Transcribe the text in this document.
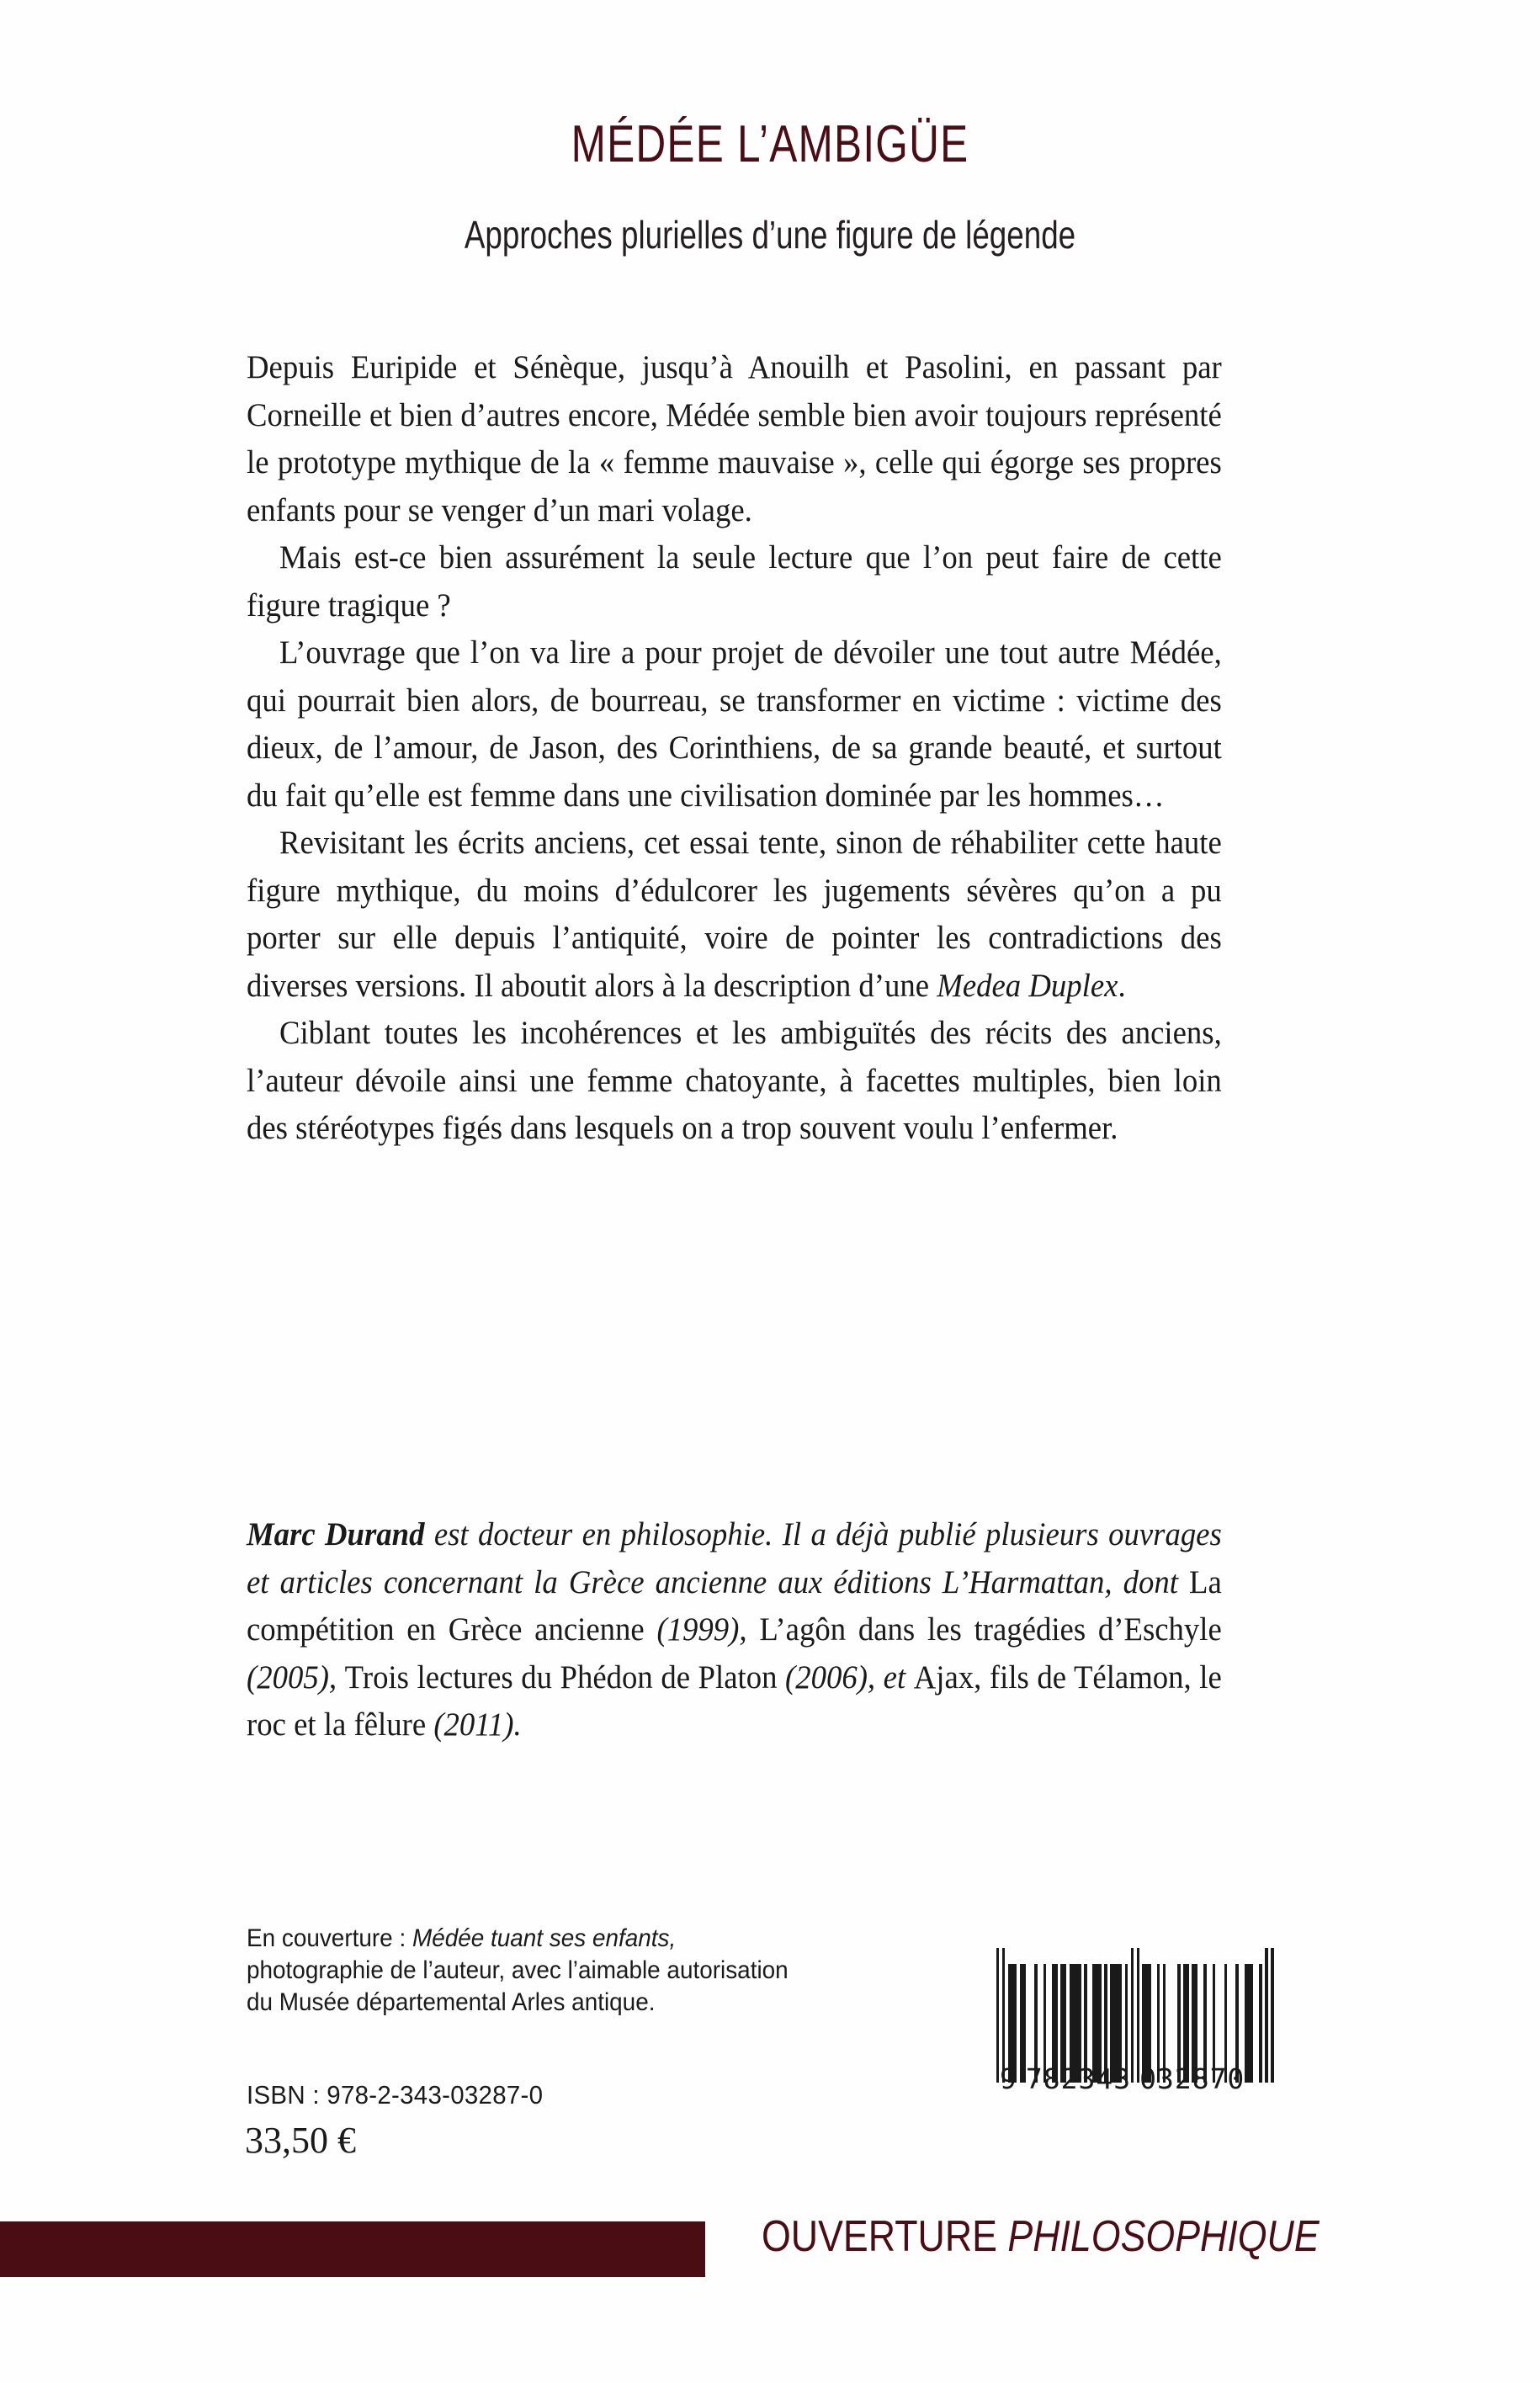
MÉDÉE L’AMBIGÜE
Approches plurielles d’une figure de légende

Depuis Euripide et Sénèque, jusqu’à Anouilh et Pasolini, en passant par Corneille et bien d’autres encore, Médée semble bien avoir toujours représenté le prototype mythique de la « femme mauvaise », celle qui égorge ses propres enfants pour se venger d’un mari volage.

Mais est-ce bien assurément la seule lecture que l’on peut faire de cette figure tragique ?

L’ouvrage que l’on va lire a pour projet de dévoiler une tout autre Médée, qui pourrait bien alors, de bourreau, se transformer en victime : victime des dieux, de l’amour, de Jason, des Corinthiens, de sa grande beauté, et surtout du fait qu’elle est femme dans une civilisation dominée par les hommes…

Revisitant les écrits anciens, cet essai tente, sinon de réhabiliter cette haute figure mythique, du moins d’édulcorer les jugements sévères qu’on a pu porter sur elle depuis l’antiquité, voire de pointer les contradictions des diverses versions. Il aboutit alors à la description d’une Medea Duplex.

Ciblant toutes les incohérences et les ambiguïtés des récits des anciens, l’auteur dévoile ainsi une femme chatoyante, à facettes multiples, bien loin des stéréotypes figés dans lesquels on a trop souvent voulu l’enfermer.

Marc Durand est docteur en philosophie. Il a déjà publié plusieurs ouvrages et articles concernant la Grèce ancienne aux éditions L’Harmattan, dont La compétition en Grèce ancienne (1999), L’agôn dans les tragédies d’Eschyle (2005), Trois lectures du Phédon de Platon (2006), et Ajax, fils de Télamon, le roc et la fêlure (2011).

En couverture : Médée tuant ses enfants,
photographie de l’auteur, avec l’aimable autorisation
du Musée départemental Arles antique.
ISBN : 978-2-343-03287-0
33,50 €
9 782343 032870
OUVERTURE PHILOSOPHIQUE
